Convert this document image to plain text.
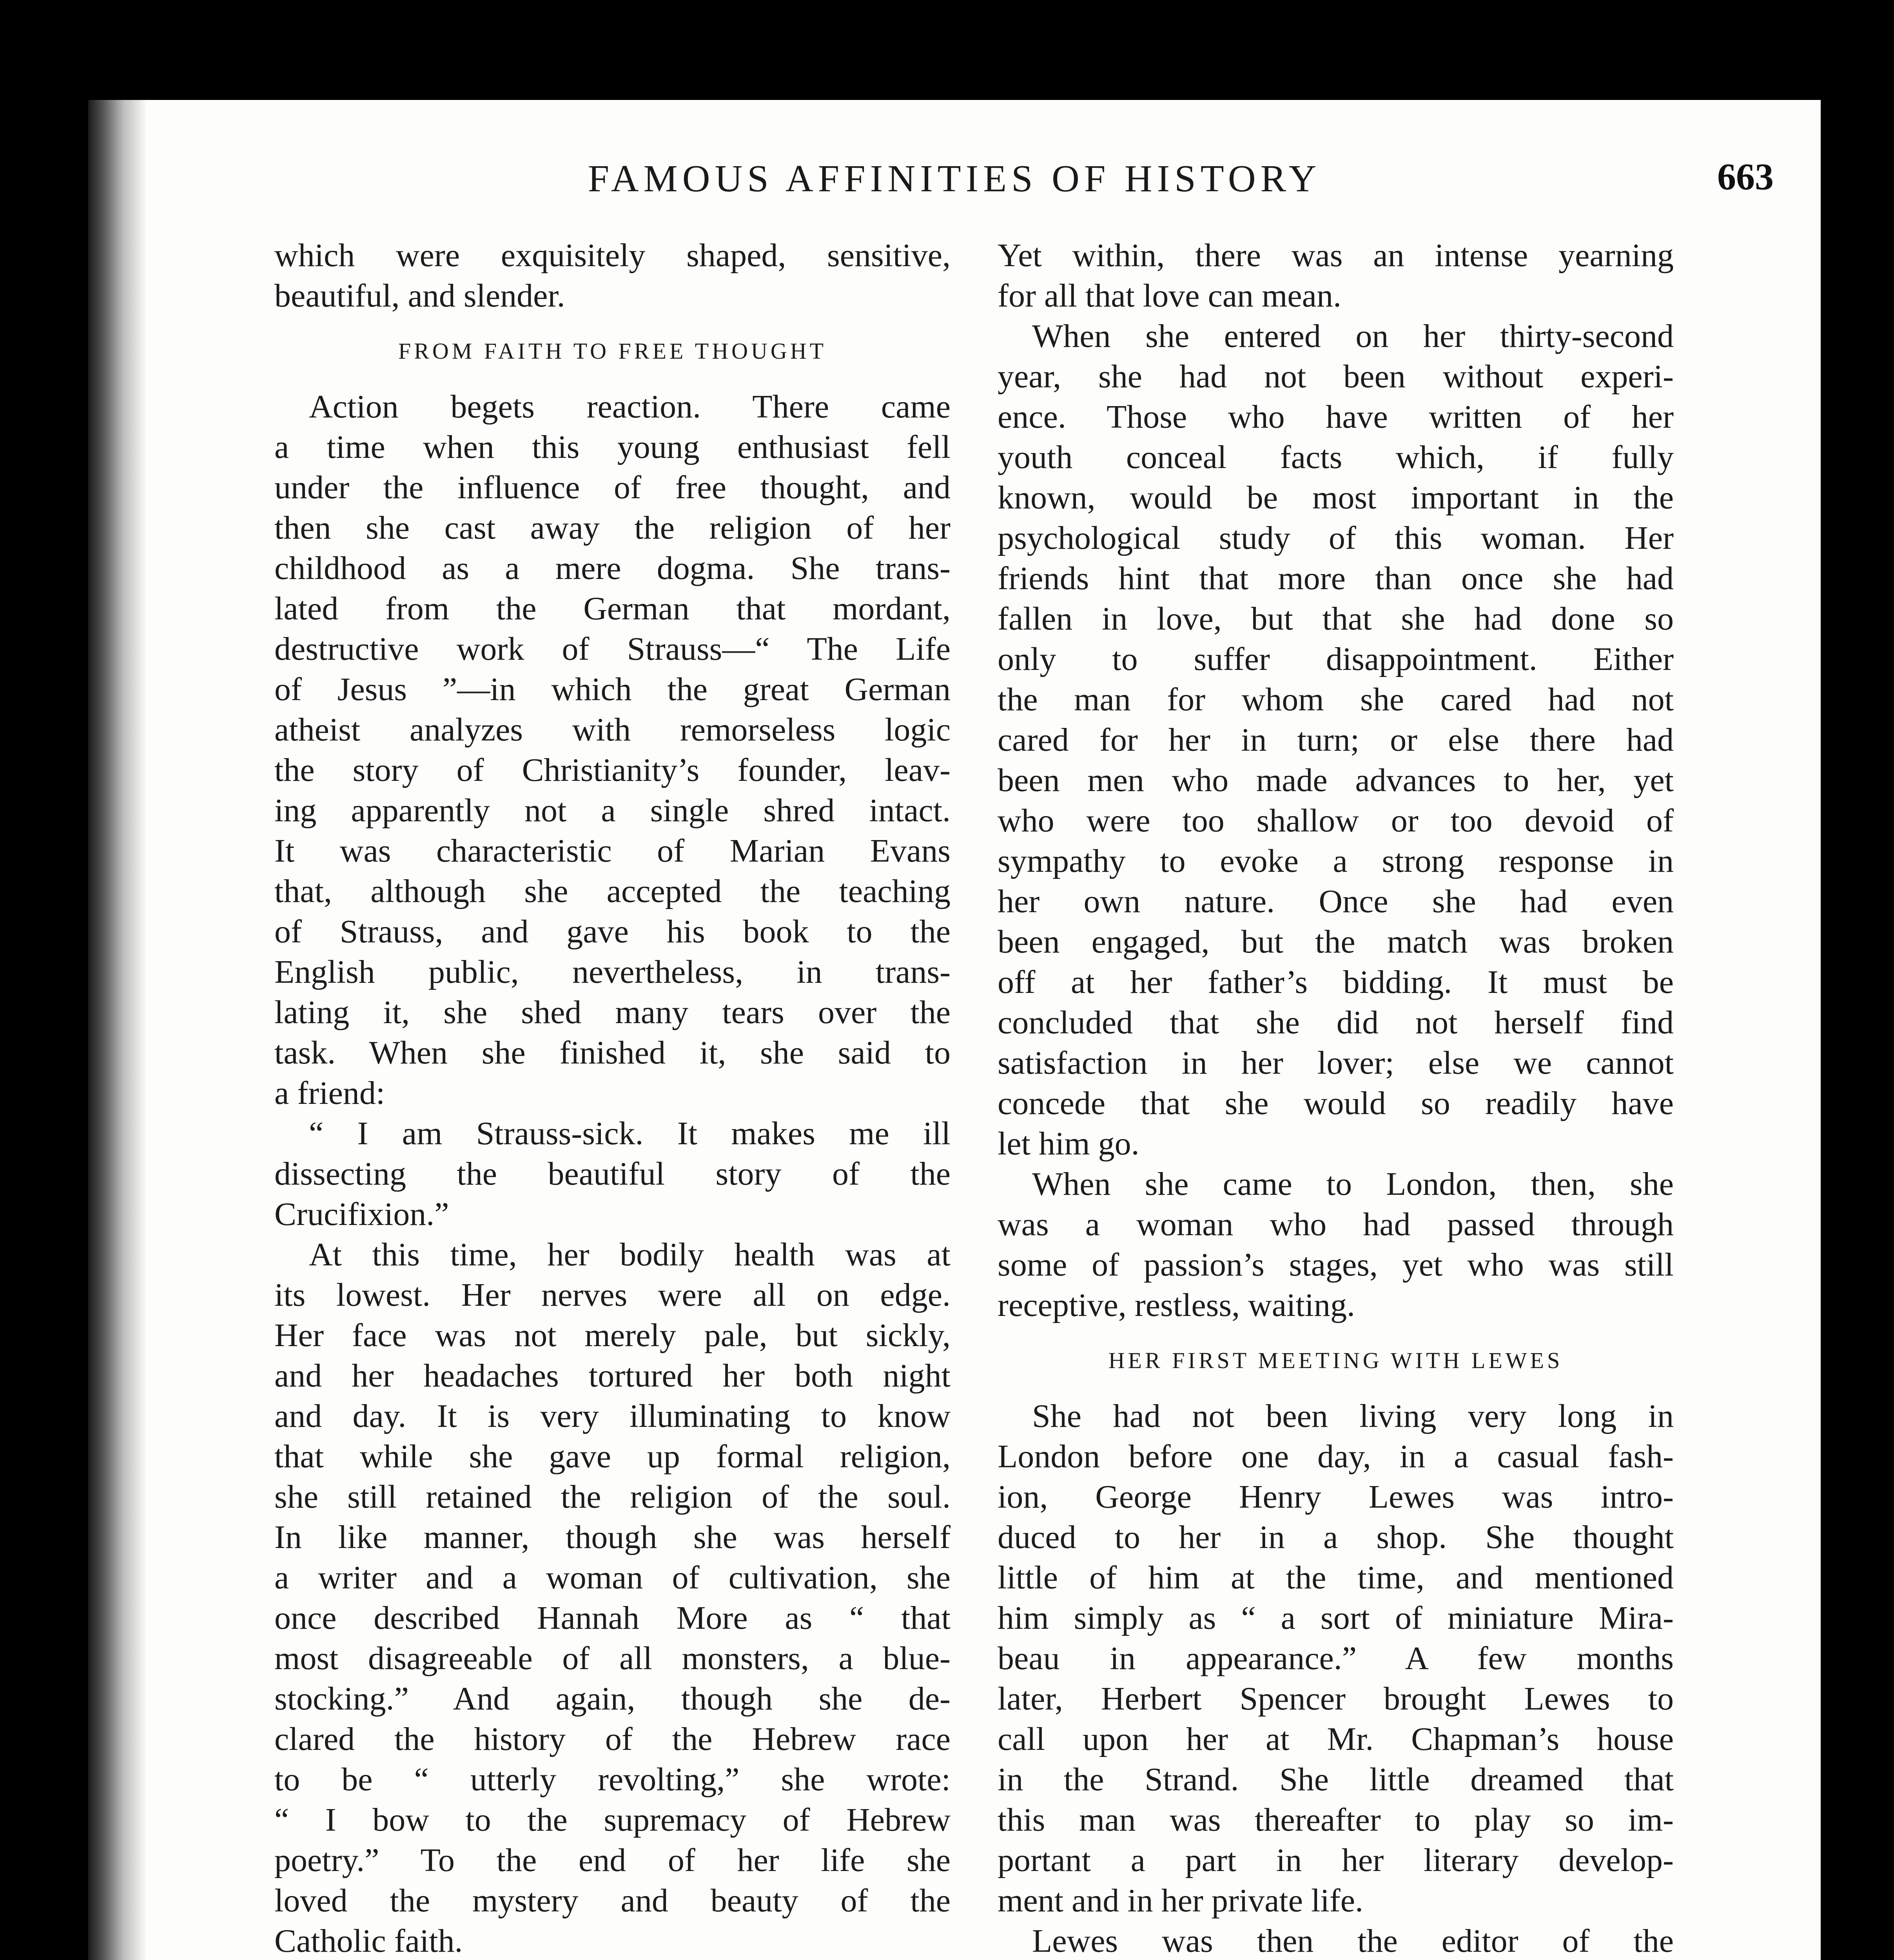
FAMOUS AFFINITIES OF HISTORY	663
which were exquisitely shaped, sensitive,
beautiful, and slender.
FROM FAITH TO FREE THOUGHT
Action begets reaction. There came
a time when this young enthusiast fell
under the influence of free thought, and
then she cast away the religion of her
childhood as a mere dogma. She trans-
lated from the German that mordant,
destructive work of Strauss—“ The Life
of Jesus ”—in which the great German
atheist analyzes with remorseless logic
the story of Christianity’s founder, leav-
ing apparently not a single shred intact.
It was characteristic of Marian Evans
that, although she accepted the teaching
of Strauss, and gave his book to the
English public, nevertheless, in trans-
lating it, she shed many tears over the
task. When she finished it, she said to
a friend:
“ I am Strauss-sick. It makes me ill
dissecting the beautiful story of the
Crucifixion.”
At this time, her bodily health was at
its lowest. Her nerves were all on edge.
Her face was not merely pale, but sickly,
and her headaches tortured her both night
and day. It is very illuminating to know
that while she gave up formal religion,
she still retained the religion of the soul.
In like manner, though she was herself
a writer and a woman of cultivation, she
once described Hannah More as “ that
most disagreeable of all monsters, a blue-
stocking.” And again, though she de-
clared the history of the Hebrew race
to be “ utterly revolting,” she wrote:
“ I bow to the supremacy of Hebrew
poetry.” To the end of her life she
loved the mystery and beauty of the
Catholic faith.
Yet within, there was an intense yearning
for all that love can mean.
When she entered on her thirty-second
year, she had not been without experi-
ence. Those who have written of her
youth conceal facts which, if fully
known, would be most important in the
psychological study of this woman. Her
friends hint that more than once she had
fallen in love, but that she had done so
only to suffer disappointment. Either
the man for whom she cared had not
cared for her in turn; or else there had
been men who made advances to her, yet
who were too shallow or too devoid of
sympathy to evoke a strong response in
her own nature. Once she had even
been engaged, but the match was broken
off at her father’s bidding. It must be
concluded that she did not herself find
satisfaction in her lover; else we cannot
concede that she would so readily have
let him go.
When she came to London, then, she
was a woman who had passed through
some of passion’s stages, yet who was still
receptive, restless, waiting.
HER FIRST MEETING WITH LEWES
She had not been living very long in
London before one day, in a casual fash-
ion, George Henry Lewes was intro-
duced to her in a shop. She thought
little of him at the time, and mentioned
him simply as “ a sort of miniature Mira-
beau in appearance.” A few months
later, Herbert Spencer brought Lewes to
call upon her at Mr. Chapman’s house
in the Strand. She little dreamed that
this man was thereafter to play so im-
portant a part in her literary develop-
ment and in her private life.
Lewes was then the editor of the
